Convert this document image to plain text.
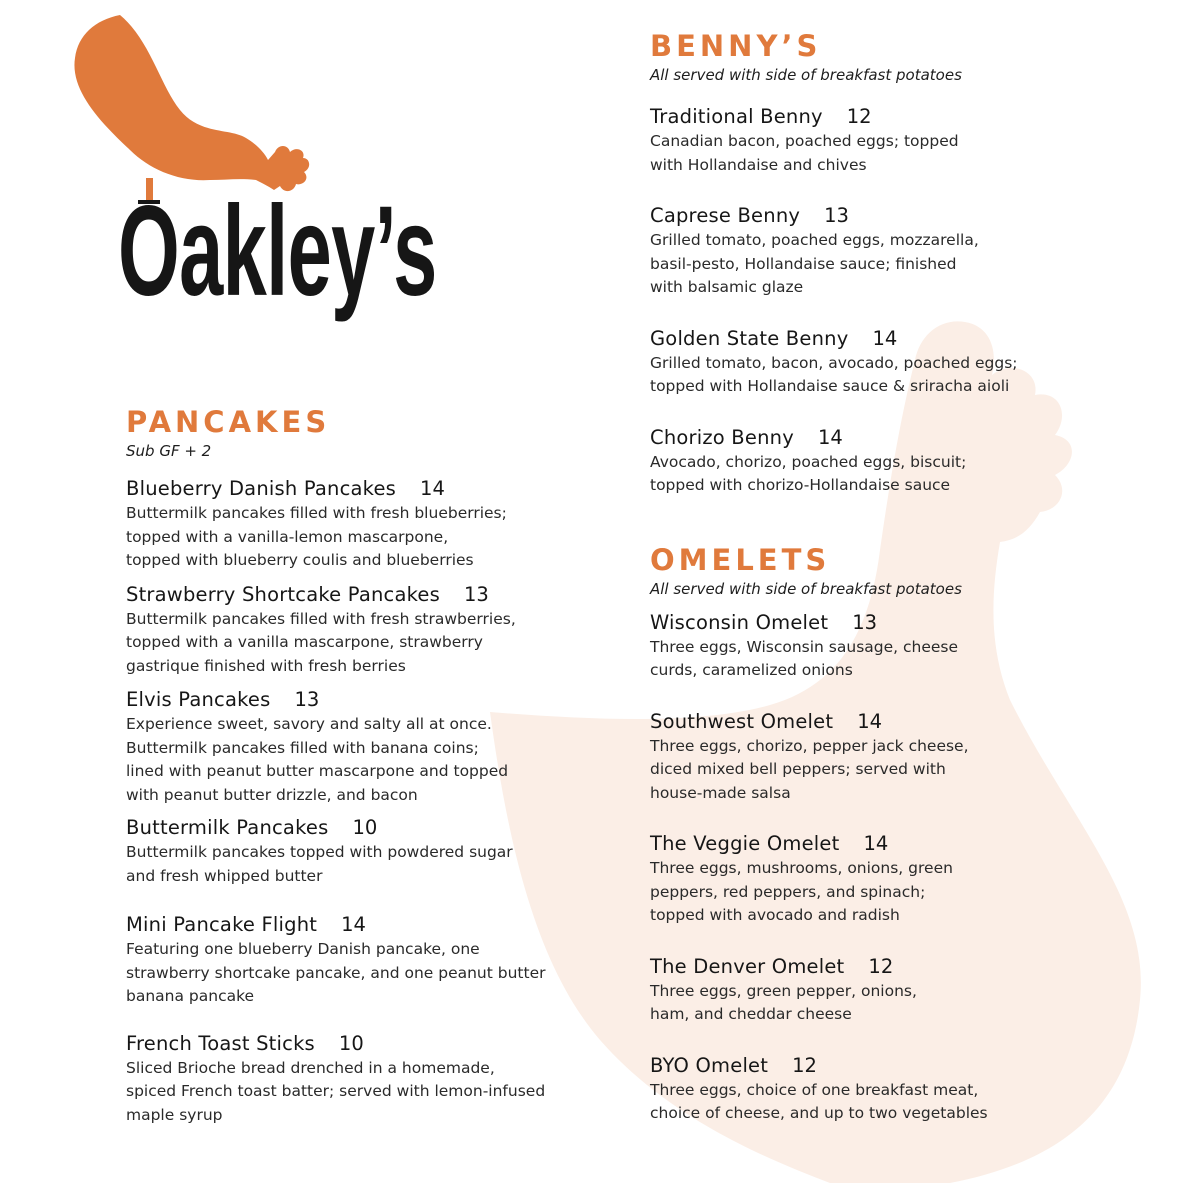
Oakley’s
PANCAKES

Sub GF + 2

Blueberry Danish Pancakes 14
Buttermilk pancakes filled with fresh blueberries;
topped with a vanilla-lemon mascarpone,
topped with blueberry coulis and blueberries
Strawberry Shortcake Pancakes 13
Buttermilk pancakes filled with fresh strawberries,
topped with a vanilla mascarpone, strawberry
gastrique finished with fresh berries
Elvis Pancakes 13
Experience sweet, savory and salty all at once.
Buttermilk pancakes filled with banana coins;
lined with peanut butter mascarpone and topped
with peanut butter drizzle, and bacon
Buttermilk Pancakes 10
Buttermilk pancakes topped with powdered sugar
and fresh whipped butter
Mini Pancake Flight 14
Featuring one blueberry Danish pancake, one
strawberry shortcake pancake, and one peanut butter
banana pancake
French Toast Sticks 10
Sliced Brioche bread drenched in a homemade,
spiced French toast batter; served with lemon-infused
maple syrup
BENNY’S

All served with side of breakfast potatoes

Traditional Benny 12
Canadian bacon, poached eggs; topped
with Hollandaise and chives
Caprese Benny 13
Grilled tomato, poached eggs, mozzarella,
basil-pesto, Hollandaise sauce; finished
with balsamic glaze
Golden State Benny 14
Grilled tomato, bacon, avocado, poached eggs;
topped with Hollandaise sauce & sriracha aioli
Chorizo Benny 14
Avocado, chorizo, poached eggs, biscuit;
topped with chorizo-Hollandaise sauce
OMELETS

All served with side of breakfast potatoes

Wisconsin Omelet 13
Three eggs, Wisconsin sausage, cheese
curds, caramelized onions
Southwest Omelet 14
Three eggs, chorizo, pepper jack cheese,
diced mixed bell peppers; served with
house-made salsa
The Veggie Omelet 14
Three eggs, mushrooms, onions, green
peppers, red peppers, and spinach;
topped with avocado and radish
The Denver Omelet 12
Three eggs, green pepper, onions,
ham, and cheddar cheese
BYO Omelet 12
Three eggs, choice of one breakfast meat,
choice of cheese, and up to two vegetables
